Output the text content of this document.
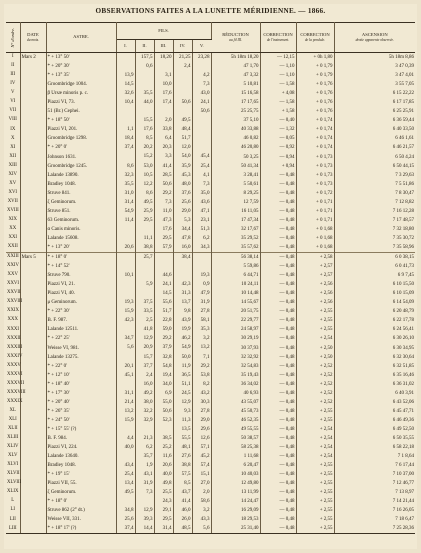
OBSERVATIONS FAITES A LA LUNETTE MÉRIDIENNE. — 1866.
N° d'ordre.	DATE
du mois.	ASTRE.	FILS.					RÉDUCTION
au fil III.	CORRECTION
de l'instrument.	CORRECTION
de la pendule.	ASCENSION
droite apparente observée.

			I.	II.	III.	IV.	V.				
I	Mars 2	* + 13° 50'		157,5	18,20	21,25	23,28	5h 18m 18,20	— 12,15	+ 0h 1,80	5h 18m 8,86
II		* + 20° 30'		0,6		2,4		47 1,70	— 1,10	+ 0 1,79	3 47 0,39
III		* + 13° 35'	13,9		3,1		4,2	47 3,32	— 1,10	+ 0 1,79	3 47 4,01
IV		Groombridge 1004.	14,5		10,0		7,3	5 10,81	— 1,58	+ 0 1,76	3 55 7,05
V		β Ursæ minoris p. c.	32,6	35,5	17,6		43,0	15 16,58	+ 4,08	+ 0 1,76	6 15 22,22
VI		Piazzi VI, 73.	10,4	44,0	17,4	50,6	24,1	17 17,65	— 1,58	+ 0 1,76	6 17 17,85
VII		51 (Br.) Cephei.					50,6	25 25,75	+ 1,58	+ 0 1,76	6 25 25,91
VIII		* + 18° 50'		15,5	2,0	49,5		37 5,10	— 0,40	+ 0 1,74	6 36 59,44
IX		Piazzi VI, 201.	1,1	17,6	33,8	48,4		40 33,88	— 1,32	+ 0 1,74	6 40 33,50
X		Groombridge 1298.	18,4	8,5	6,4	51,7		46 0,82	— 0,05	+ 0 1,74	6 46 1,61
XI		* + 20° 0'	37,4	20,2	20,3	12,0		46 20,80	— 0,92	+ 0 1,74	6 46 21,57
XII		Johnson 1631.		15,2	3,3	54,0	45,4	50 3,25	— 0,94	+ 0 1,73	6 50 4,24
XIII		Groombridge 1245.	8,6	53,0	41,4	35,9	25,4	50 41,34	+ 0,94	+ 0 1,73	6 50 44,15
XIV		Lalande 13890.	32,3	10,5	28,5	45,3	4,1	3 28,41	— 0,48	+ 0 1,73	7 3 29,63
XV		Bradley 1048.	35,5	12,2	50,6	48,0	7,3	5 50,61	— 0,48	+ 0 1,73	7 5 51,86
XVI		Struve 841.	31,0	8,6	29,2	37,6	35,0	8 29,25	— 0,48	+ 0 1,72	7 8 30,47
XVII		ζ Geminorum.	31,4	49,5	7,3	25,6	43,6	12 7,59	— 0,48	+ 0 1,71	7 12 8,82
XVIII		Struve 851.	54,9	25,9	11,0	29,0	47,1	16 11,05	— 0,48	+ 0 1,71	7 16 12,28
XIX		63 Geminorum.	11,4	29,5	47,3	5,3	23,1	17 47,34	— 0,48	+ 0 1,71	7 17 48,57
XX		α Canis minoris.			17,6	34,4	51,3	32 17,67	— 0,48	+ 0 1,68	7 32 18,80
XXI		Lalande 15608.		11,1	29,5	47,8	6,2	35 29,52	— 0,48	+ 0 1,68	7 35 30,72
XXII		* + 13° 20'	20,6	38,8	57,9	16,0	34,3	35 57,62	— 0,48	+ 0 1,68	7 35 58,96
XXIII	Mars 5	* + 18° 0'		25,7		38,4		56 38,14	— 0,48	+ 2,58	6 0 38,15
XXIV		* + 14° 52'						5 59,86	— 0,48	+ 2,57	6 0 41,73
XXV		Struve 790.	10,1		44,6		19,3	6 44,71	— 0,48	+ 2,57	6 9 7,45
XXVI		Piazzi VI, 21.		5,9	24,1	42,3	0,9	10 24,11	— 0,48	+ 2,56	6 10 15,50
XXVII		Piazzi VI, 40.			14,5	31,3	47,9	10 14,48	— 0,48	+ 2,56	6 10 15,09
XXVIII		μ Geminorum.	19,3	37,5	55,6	13,7	31,9	14 55,67	— 0,48	+ 2,56	6 14 54,09
XXIX		* + 22° 30'	15,9	33,5	51,7	9,8	27,8	20 51,75	— 0,48	+ 2,55	6 20 48,79
XXX		B. F. 987.	42,3	2,5	22,8	43,9	58,1	22 29,77	— 0,48	+ 2,55	6 22 17,78
XXXI		Lalande 12511.		41,8	59,0	19,9	35,3	24 58,97	— 0,48	+ 2,55	6 24 56,41
XXXII		* + 22° 25'	34,7	12,9	29,2	46,2	3,2	30 29,19	— 0,48	+ 2,54	6 30 26,10
XXXIII		Weisse VI, 981.	5,6	20,9	37,9	54,9	13,2	30 37,93	— 0,48	+ 2,50	6 30 34,95
XXXIV		Lalande 13275.		15,7	32,8	50,0	7,1	32 32,92	— 0,48	+ 2,50	6 32 30,64
XXXV		* + 22° 0'	20,1	37,7	54,8	11,9	29,2	32 54,83	— 0,48	+ 2,52	6 32 51,85
XXXVI		* + 12° 10'	45,1	2,4	19,4	36,5	53,8	35 19,43	— 0,48	+ 2,52	6 35 16,46
XXXVII		* + 18° 40'		16,0	34,0	51,1	8,2	36 34,02	— 0,48	+ 2,52	6 36 31,02
XXXVIII		* + 17° 30'	31,1	49,2	6,9	24,5	43,2	40 6,93	— 0,48	+ 2,52	6 40 3,91
XXXIX		* + 20° 40'	21,4	38,0	55,0	12,9	30,3	43 55,07	— 0,48	+ 2,52	6 43 52,06
XL		* + 26° 35'	13,2	32,2	50,6	9,3	27,8	45 50,73	— 0,48	+ 2,55	6 45 47,71
XLI		* + 24° 50'	15,9	32,9	52,3	11,3	29,0	46 52,35	— 0,48	+ 2,55	6 46 49,36
XLII		* + 15° 55' (?)				13,5	29,6	49 55,55	— 0,48	+ 2,54	6 49 52,50
XLIII		B. F. 984.	4,4	21,3	38,5	55,5	12,6	50 38,57	— 0,48	+ 2,54	6 50 35,55
XLIV		Piazzi VI, 224.	40,0	6,2	25,2	48,1	57,1	58 25,38	— 0,48	+ 2,54	6 58 22,18
XLV		Lalande 13640.		35,7	11,6	27,6	45,2	1 11,68	— 0,48	+ 2,54	7 1 8,64
XLVI		Bradley 1048.	43,4	1,9	20,6	38,8	57,4	6 20,47	— 0,48	+ 2,55	7 6 17,44
XLVII		* + 19° 15'	25,4	43,1	40,0	57,5	15,1	10 40,03	— 0,48	+ 2,55	7 10 37,00
XLVIII		Piazzi VII, 55.	13,4	31,9	49,8	8,5	27,0	12 49,80	— 0,48	+ 2,55	7 12 46,77
XLIX		ζ Geminorum.	49,5	7,3	25,5	43,7	2,0	13 11,99	— 0,48	+ 2,55	7 13 8,97
L		* + 18° 0'			24,3	41,4	58,6	14 24,47	— 0,48	+ 2,55	7 14 21,44
LI		Struve 862 (2° dt.)	34,8	12,9	29,1	46,0	3,2	16 29,09	— 0,48	+ 2,55	7 16 26,05
LII		Weisse VII, 331.	25,6	39,3	29,5	26,0	43,3	18 29,53	— 0,48	+ 2,55	7 18 6,47
LIII		* + 18° 17' (?)	37,4	14,4	31,4	48,5	5,6	25 31,40	— 0,48	+ 2,55	7 25 28,36
